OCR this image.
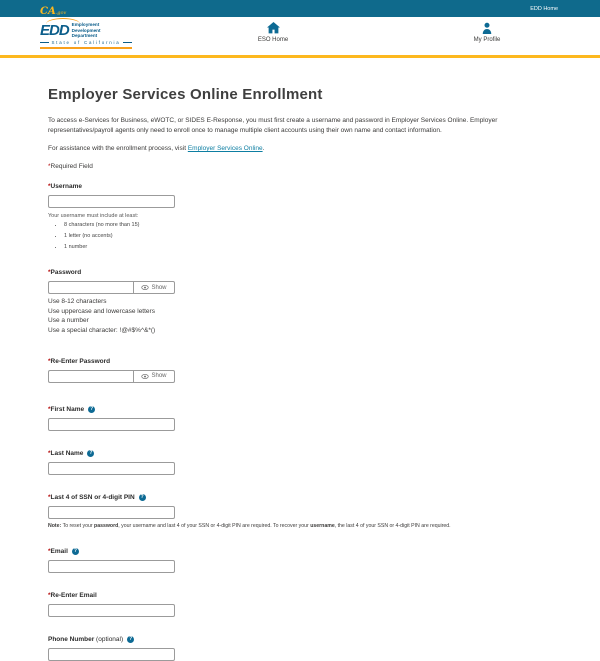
CA.gov
EDD Home
EDD Employment
Development
Department
State of California	ESO Home	My Profile
Employer Services Online Enrollment

To access e-Services for Business, eWOTC, or SIDES E-Response, you must first create a username and password in Employer Services Online. Employer representatives/payroll agents only need to enroll once to manage multiple client accounts using their own name and contact information.

For assistance with the enrollment process, visit Employer Services Online.

*Required Field

*Username
Your username must include at least:
• 8 characters (no more than 15)
• 1 letter (no accents)
• 1 number
*Password
Show
Use 8-12 characters
Use uppercase and lowercase letters
Use a number
Use a special character: !@#$%^&*()
*Re-Enter Password
Show
*First Name ?
*Last Name ?
*Last 4 of SSN or 4-digit PIN ?
Note: To reset your password, your username and last 4 of your SSN or 4-digit PIN are required. To recover your username, the last 4 of your SSN or 4-digit PIN are required.
*Email ?
*Re-Enter Email
Phone Number (optional) ?
